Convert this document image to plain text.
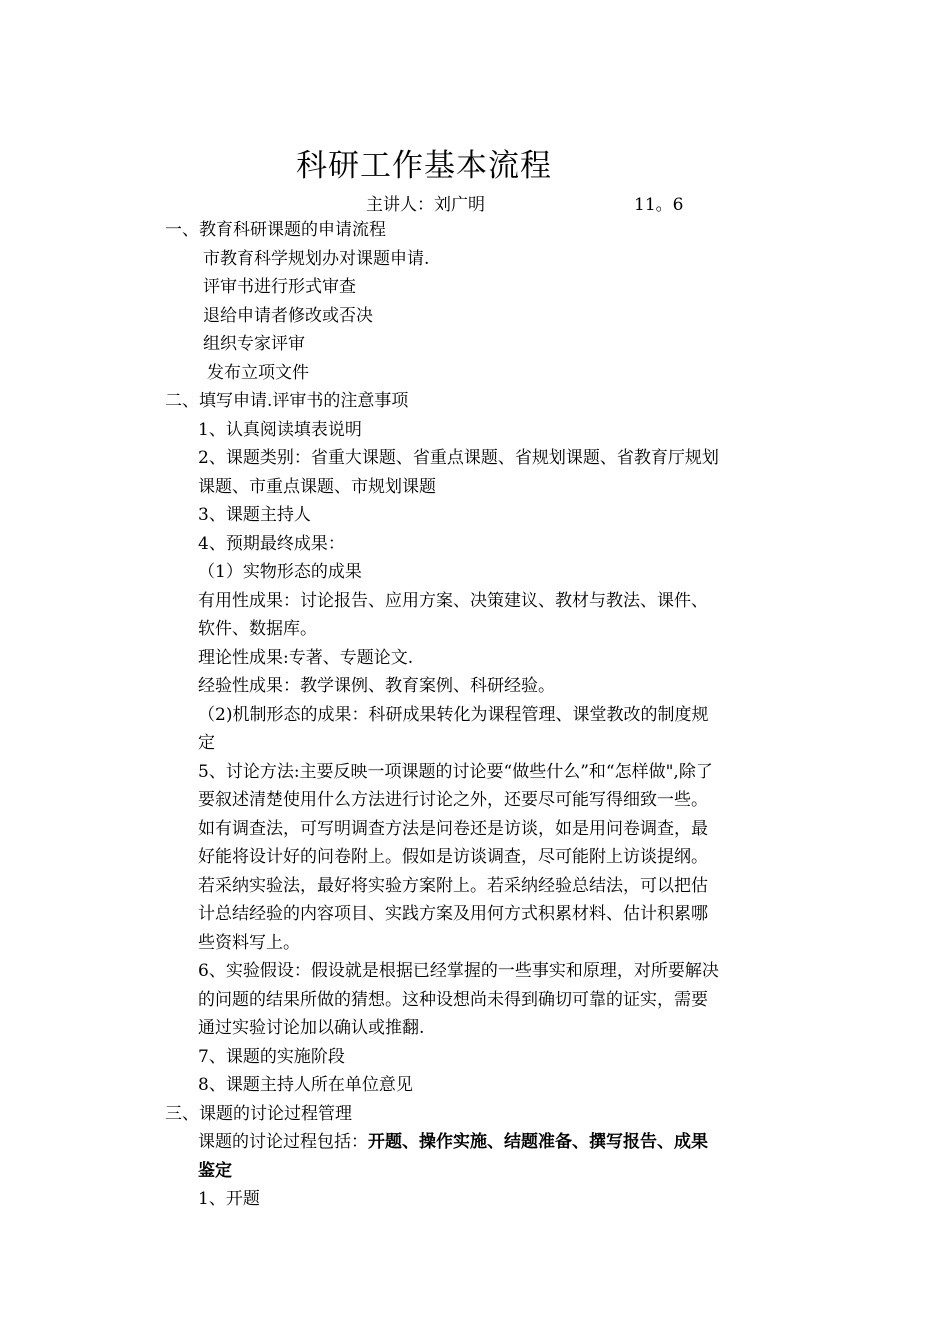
科研工作基本流程
主讲人：刘广明	11。6
一、教育科研课题的申请流程
市教育科学规划办对课题申请.
评审书进行形式审查
退给申请者修改或否决
组织专家评审
发布立项文件
二、填写申请.评审书的注意事项
1、认真阅读填表说明
2、课题类别：省重大课题、省重点课题、省规划课题、省教育厅规划
课题、市重点课题、市规划课题
3、课题主持人
4、预期最终成果：
（1）实物形态的成果
有用性成果：讨论报告、应用方案、决策建议、教材与教法、课件、
软件、数据库。
理论性成果:专著、专题论文.
经验性成果：教学课例、教育案例、科研经验。
（2)机制形态的成果：科研成果转化为课程管理、课堂教改的制度规
定
5、讨论方法:主要反映一项课题的讨论要“做些什么”和“怎样做",除了
要叙述清楚使用什么方法进行讨论之外，还要尽可能写得细致一些。
如有调查法，可写明调查方法是问卷还是访谈，如是用问卷调查，最
好能将设计好的问卷附上。假如是访谈调查，尽可能附上访谈提纲。
若采纳实验法，最好将实验方案附上。若采纳经验总结法，可以把估
计总结经验的内容项目、实践方案及用何方式积累材料、估计积累哪
些资料写上。
6、实验假设：假设就是根据已经掌握的一些事实和原理，对所要解决
的问题的结果所做的猜想。这种设想尚未得到确切可靠的证实，需要
通过实验讨论加以确认或推翻.
7、课题的实施阶段
8、课题主持人所在单位意见
三、课题的讨论过程管理
课题的讨论过程包括：开题、操作实施、结题准备、撰写报告、成果
鉴定
1、开题
